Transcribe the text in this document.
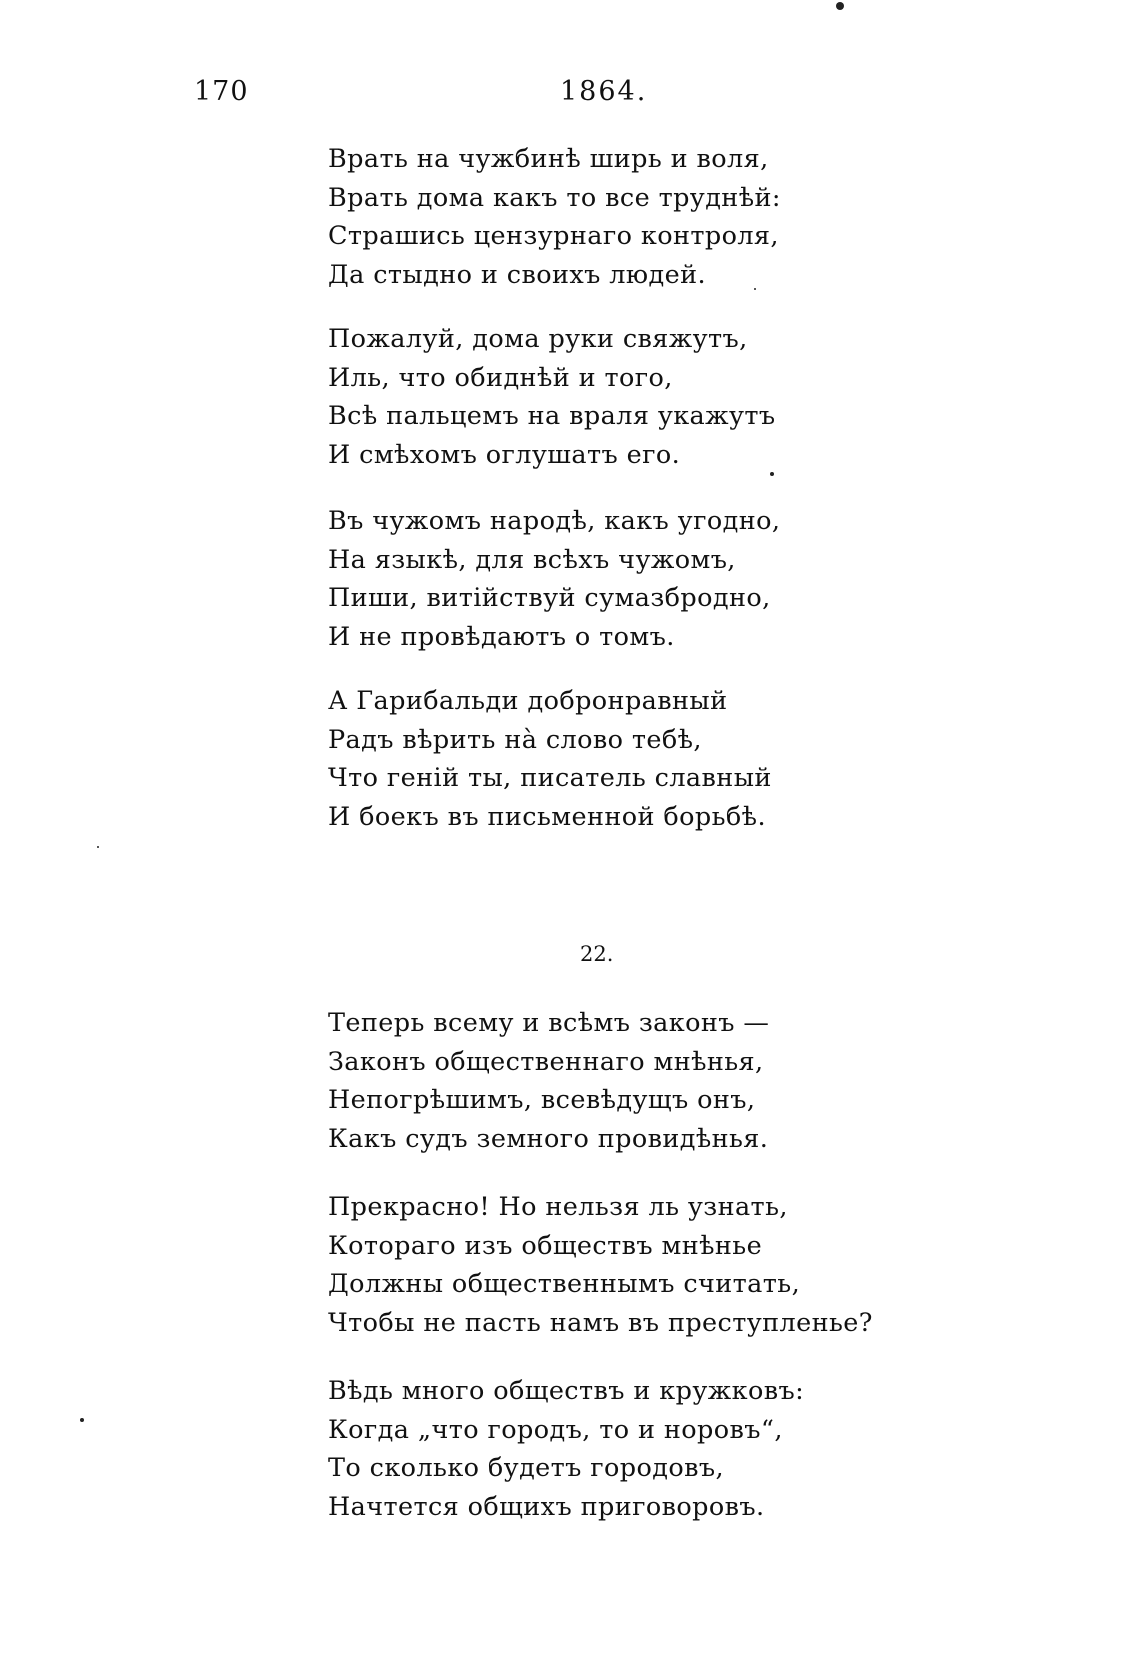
170	1864.
Врать на чужбинѣ ширь и воля,
Врать дома какъ то все труднѣй:
Страшись цензурнаго контроля,
Да стыдно и своихъ людей.
Пожалуй, дома руки свяжутъ,
Иль, что обиднѣй и того,
Всѣ пальцемъ на враля укажутъ
И смѣхомъ оглушатъ его.
Въ чужомъ народѣ, какъ угодно,
На языкѣ, для всѣхъ чужомъ,
Пиши, витійствуй сумазбродно,
И не провѣдаютъ о томъ.
А Гарибальди добронравный
Радъ вѣрить на̀ слово тебѣ,
Что геній ты, писатель славный
И боекъ въ письменной борьбѣ.
22.
Теперь всему и всѣмъ законъ —
Законъ общественнаго мнѣнья,
Непогрѣшимъ, всевѣдущъ онъ,
Какъ судъ земного провидѣнья.
Прекрасно! Но нельзя ль узнать,
Котораго изъ обществъ мнѣнье
Должны общественнымъ считать,
Чтобы не пасть намъ въ преступленье?
Вѣдь много обществъ и кружковъ:
Когда „что городъ, то и норовъ“,
То сколько будетъ городовъ,
Начтется общихъ приговоровъ.
